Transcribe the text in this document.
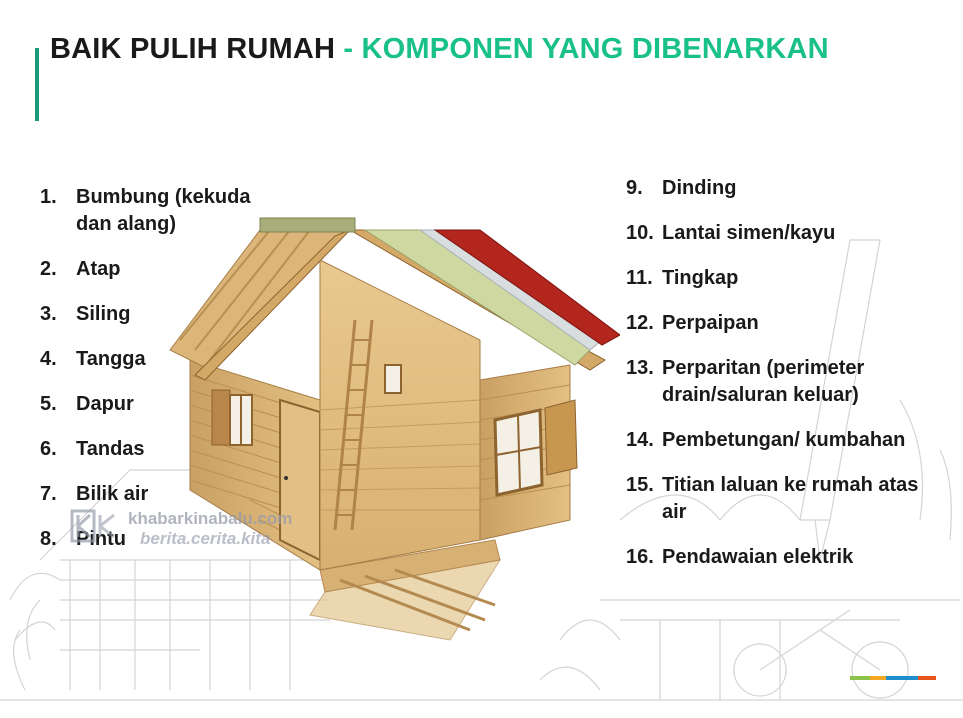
BAIK PULIH RUMAH - KOMPONEN YANG DIBENARKAN
1. Bumbung (kekuda dan alang)
2. Atap
3. Siling
4. Tangga
5. Dapur
6. Tandas
7. Bilik air
8. Pintu
9. Dinding
10. Lantai simen/kayu
11. Tingkap
12. Perpaipan
13. Perparitan (perimeter drain/saluran keluar)
14. Pembetungan/ kumbahan
15. Titian laluan ke rumah atas air
16. Pendawaian elektrik
khabarkinabalu.com
berita.cerita.kita
